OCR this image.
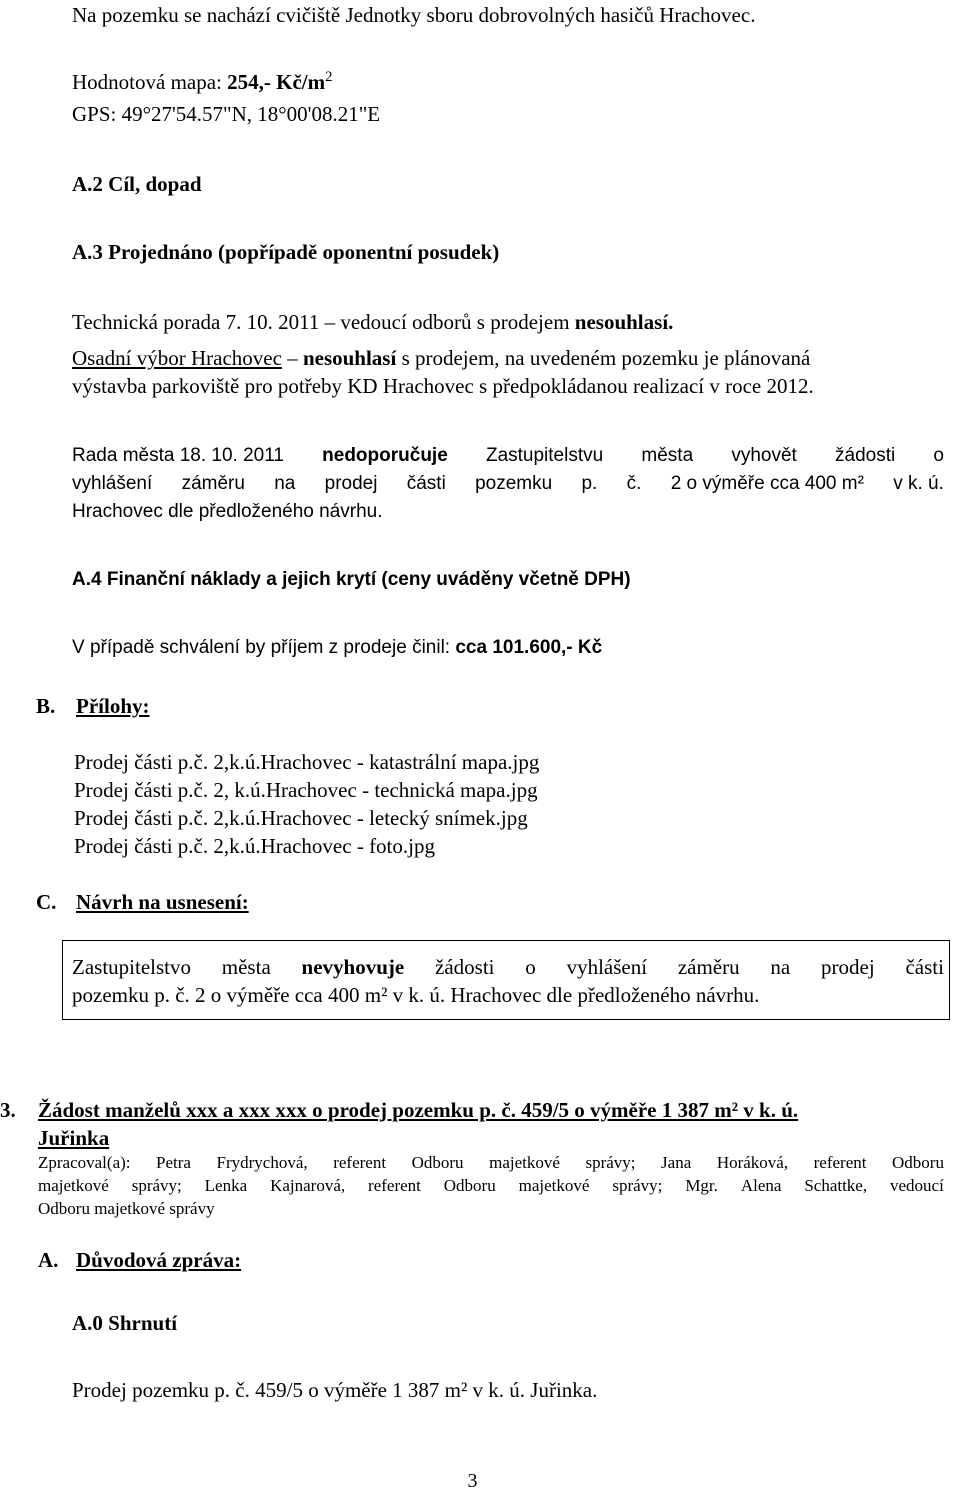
Na pozemku se nachází cvičiště Jednotky sboru dobrovolných hasičů Hrachovec.
Hodnotová mapa: 254,- $Kč/m^2$
GPS: 49°27'54.57"N, 18°00'08.21"E
A.2 Cíl, dopad
A.3 Projednáno (popřípadě oponentní posudek)
Technická porada 7. 10. 2011 – vedoucí odborů s prodejem nesouhlasí.
Osadní výbor Hrachovec – nesouhlasí s prodejem, na uvedeném pozemku je plánovaná
výstavba parkoviště pro potřeby KD Hrachovec s předpokládanou realizací v roce 2012.
Rada města 18. 10. 2011 nedoporučuje Zastupitelstvu města vyhovět žádosti o
vyhlášení záměru na prodej části pozemku p. č. 2 o výměře cca 400 m² v k. ú.
Hrachovec dle předloženého návrhu.
A.4 Finanční náklady a jejich krytí (ceny uváděny včetně DPH)
V případě schválení by příjem z prodeje činil: cca 101.600,- Kč
B. Přílohy:
Prodej části p.č. 2,k.ú.Hrachovec - katastrální mapa.jpg
Prodej části p.č. 2, k.ú.Hrachovec - technická mapa.jpg
Prodej části p.č. 2,k.ú.Hrachovec - letecký snímek.jpg
Prodej části p.č. 2,k.ú.Hrachovec - foto.jpg
C. Návrh na usnesení:
Zastupitelstvo města nevyhovuje žádosti o vyhlášení záměru na prodej části
pozemku p. č. 2 o výměře cca 400 m² v k. ú. Hrachovec dle předloženého návrhu.
3. Žádost manželů xxx a xxx xxx o prodej pozemku p. č. 459/5 o výměře 1 387 m² v k. ú.
Juřinka
Zpracoval(a): Petra Frydrychová, referent Odboru majetkové správy; Jana Horáková, referent Odboru
majetkové správy; Lenka Kajnarová, referent Odboru majetkové správy; Mgr. Alena Schattke, vedoucí
Odboru majetkové správy
A. Důvodová zpráva:
A.0 Shrnutí
Prodej pozemku p. č. 459/5 o výměře 1 387 m² v k. ú. Juřinka.
3
